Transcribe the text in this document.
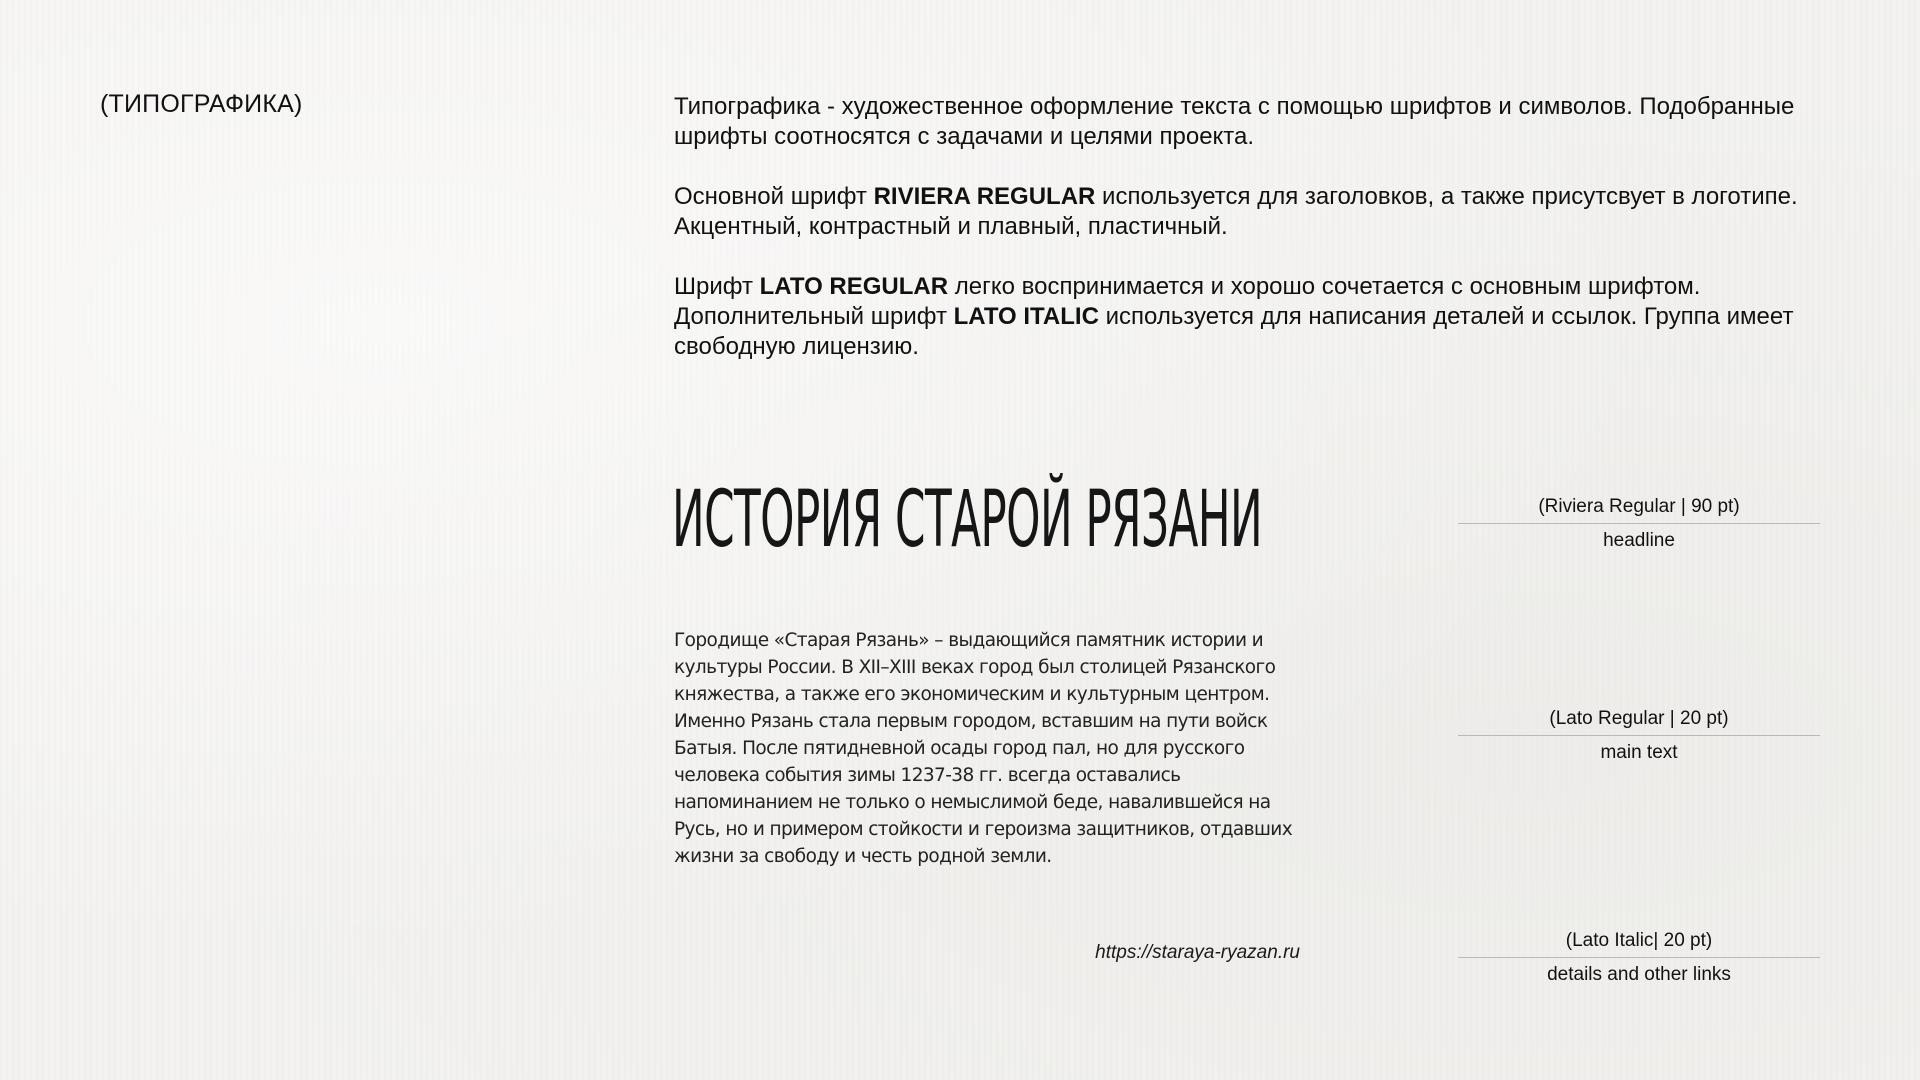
(ТИПОГРАФИКА)	Типографика - художественное оформление текста с помощью шрифтов и символов. Подобранные шрифты соотносятся с задачами и целями проекта.

Основной шрифт RIVIERA REGULAR используется для заголовков, а также присутсвует в логотипе. Акцентный, контрастный и плавный, пластичный.

Шрифт LATO REGULAR легко воспринимается и хорошо сочетается с основным шрифтом. Дополнительный шрифт LATO ITALIC используется для написания деталей и ссылок. Группа имеет свободную лицензию.

ИСТОРИЯ СТАРОЙ РЯЗАНИ
Городище «Старая Рязань» – выдающийся памятник истории и культуры России. В XII–XIII веках город был столицей Рязанского княжества, а также его экономическим и культурным центром. Именно Рязань стала первым городом, вставшим на пути войск Батыя. После пятидневной осады город пал, но для русского человека события зимы 1237-38 гг. всегда оставались напоминанием не только о немыслимой беде, навалившейся на Русь, но и примером стойкости и героизма защитников, отдавших жизни за свободу и честь родной земли.
https://staraya-ryazan.ru
(Riviera Regular | 90 pt)
headline
(Lato Regular | 20 pt)
main text
(Lato Italic| 20 pt)
details and other links
